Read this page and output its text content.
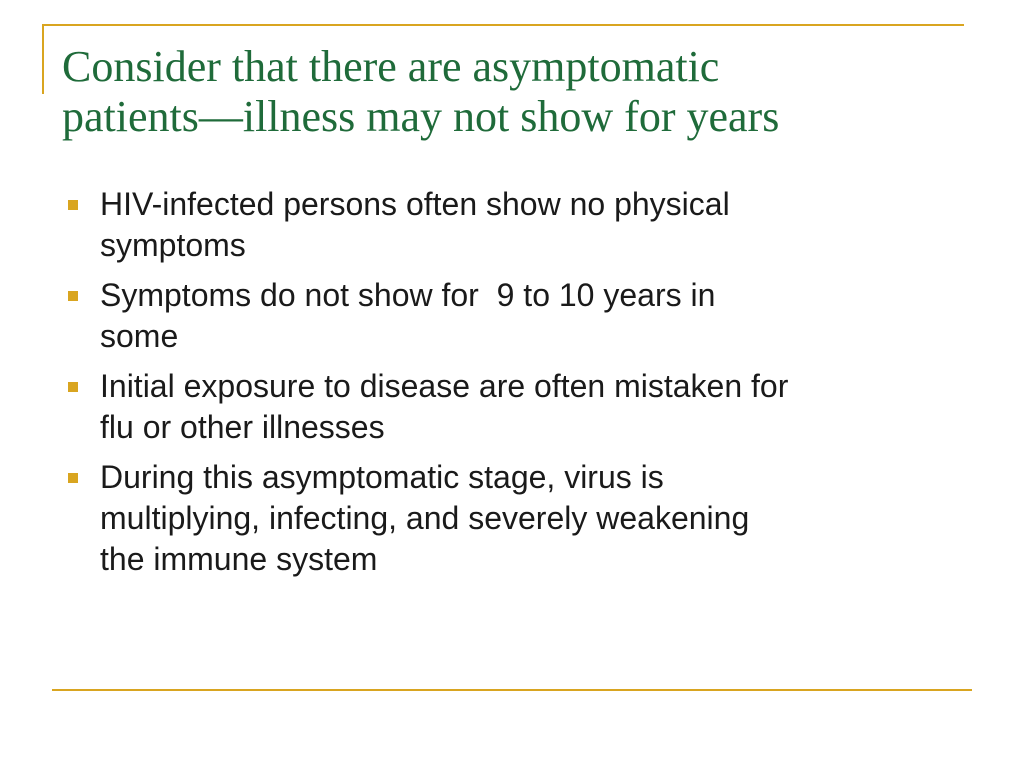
Consider that there are asymptomatic
patients—illness may not show for years
HIV-infected persons often show no physical
symptoms
Symptoms do not show for  9 to 10 years in
some
Initial exposure to disease are often mistaken for
flu or other illnesses
During this asymptomatic stage, virus is
multiplying, infecting, and severely weakening
the immune system
